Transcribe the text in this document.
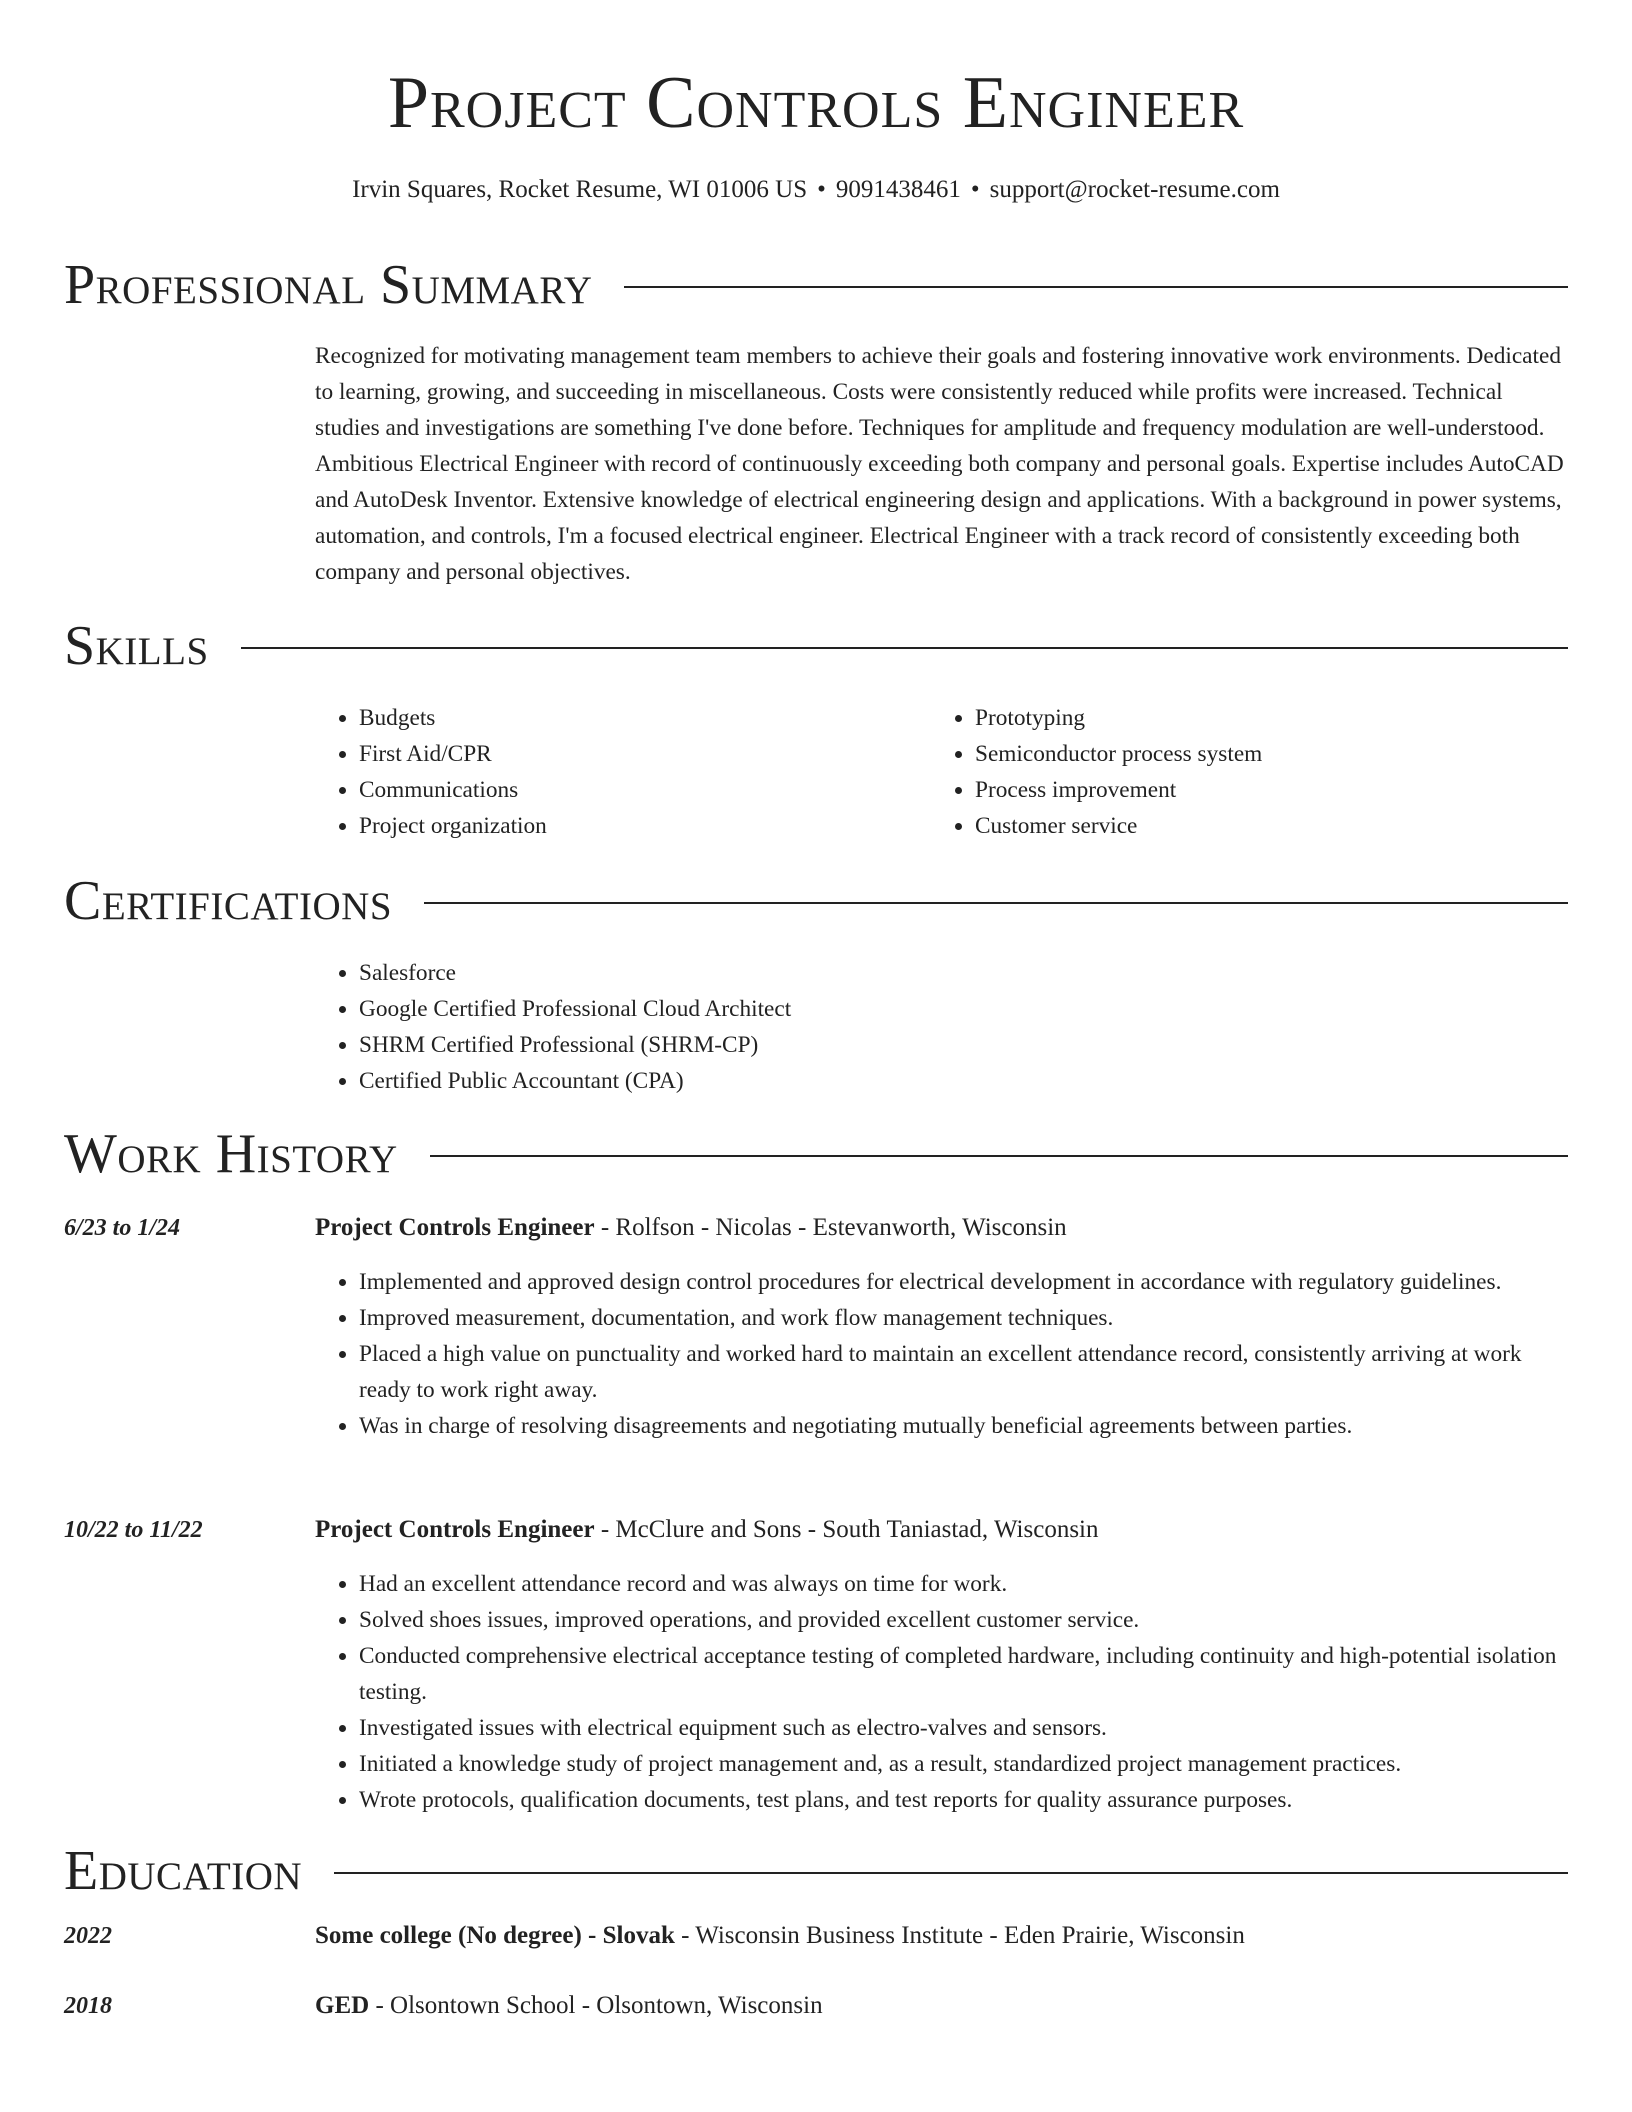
Project Controls Engineer
Irvin Squares, Rocket Resume, WI 01006 US • 9091438461 • support@rocket-resume.com
Professional Summary
Recognized for motivating management team members to achieve their goals and fostering innovative work environments. Dedicated to learning, growing, and succeeding in miscellaneous. Costs were consistently reduced while profits were increased. Technical studies and investigations are something I've done before. Techniques for amplitude and frequency modulation are well-understood. Ambitious Electrical Engineer with record of continuously exceeding both company and personal goals. Expertise includes AutoCAD and AutoDesk Inventor. Extensive knowledge of electrical engineering design and applications. With a background in power systems, automation, and controls, I'm a focused electrical engineer. Electrical Engineer with a track record of consistently exceeding both company and personal objectives.
Skills
• Budgets
• First Aid/CPR
• Communications
• Project organization
• Prototyping
• Semiconductor process system
• Process improvement
• Customer service
Certifications
• Salesforce
• Google Certified Professional Cloud Architect
• SHRM Certified Professional (SHRM-CP)
• Certified Public Accountant (CPA)
Work History
6/23 to 1/24	Project Controls Engineer - Rolfson - Nicolas - Estevanworth, Wisconsin
• Implemented and approved design control procedures for electrical development in accordance with regulatory guidelines.
• Improved measurement, documentation, and work flow management techniques.
• Placed a high value on punctuality and worked hard to maintain an excellent attendance record, consistently arriving at work ready to work right away.
• Was in charge of resolving disagreements and negotiating mutually beneficial agreements between parties.
10/22 to 11/22	Project Controls Engineer - McClure and Sons - South Taniastad, Wisconsin
• Had an excellent attendance record and was always on time for work.
• Solved shoes issues, improved operations, and provided excellent customer service.
• Conducted comprehensive electrical acceptance testing of completed hardware, including continuity and high-potential isolation testing.
• Investigated issues with electrical equipment such as electro-valves and sensors.
• Initiated a knowledge study of project management and, as a result, standardized project management practices.
• Wrote protocols, qualification documents, test plans, and test reports for quality assurance purposes.
Education
2022	Some college (No degree) - Slovak - Wisconsin Business Institute - Eden Prairie, Wisconsin
2018	GED - Olsontown School - Olsontown, Wisconsin
